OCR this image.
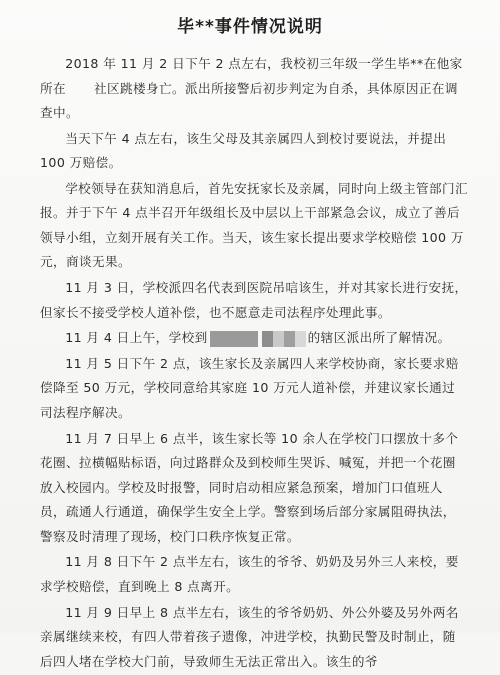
毕**事件情况说明

2018 年 11 月 2 日下午 2 点左右，我校初三年级一学生毕**在他家所在 社区跳楼身亡。派出所接警后初步判定为自杀，具体原因正在调查中。

当天下午 4 点左右，该生父母及其亲属四人到校讨要说法，并提出 100 万赔偿。

学校领导在获知消息后，首先安抚家长及亲属，同时向上级主管部门汇报。并于下午 4 点半召开年级组长及中层以上干部紧急会议，成立了善后领导小组，立刻开展有关工作。当天，该生家长提出要求学校赔偿 100 万元，商谈无果。

11 月 3 日，学校派四名代表到医院吊唁该生，并对其家长进行安抚，但家长不接受学校人道补偿，也不愿意走司法程序处理此事。

11 月 4 日上午，学校到	的辖区派出所了解情况。

11 月 5 日下午 2 点，该生家长及亲属四人来学校协商，家长要求赔偿降至 50 万元，学校同意给其家庭 10 万元人道补偿，并建议家长通过司法程序解决。

11 月 7 日早上 6 点半，该生家长等 10 余人在学校门口摆放十多个花圈、拉横幅贴标语，向过路群众及到校师生哭诉、喊冤，并把一个花圈放入校园内。学校及时报警，同时启动相应紧急预案，增加门口值班人员，疏通人行通道，确保学生安全上学。警察到场后部分家属阻碍执法，警察及时清理了现场，校门口秩序恢复正常。

11 月 8 日下午 2 点半左右，该生的爷爷、奶奶及另外三人来校，要求学校赔偿，直到晚上 8 点离开。

11 月 9 日早上 8 点半左右，该生的爷爷奶奶、外公外婆及另外两名亲属继续来校，有四人带着孩子遗像，冲进学校，执勤民警及时制止，随后四人堵在学校大门前，导致师生无法正常出入。该生的爷
